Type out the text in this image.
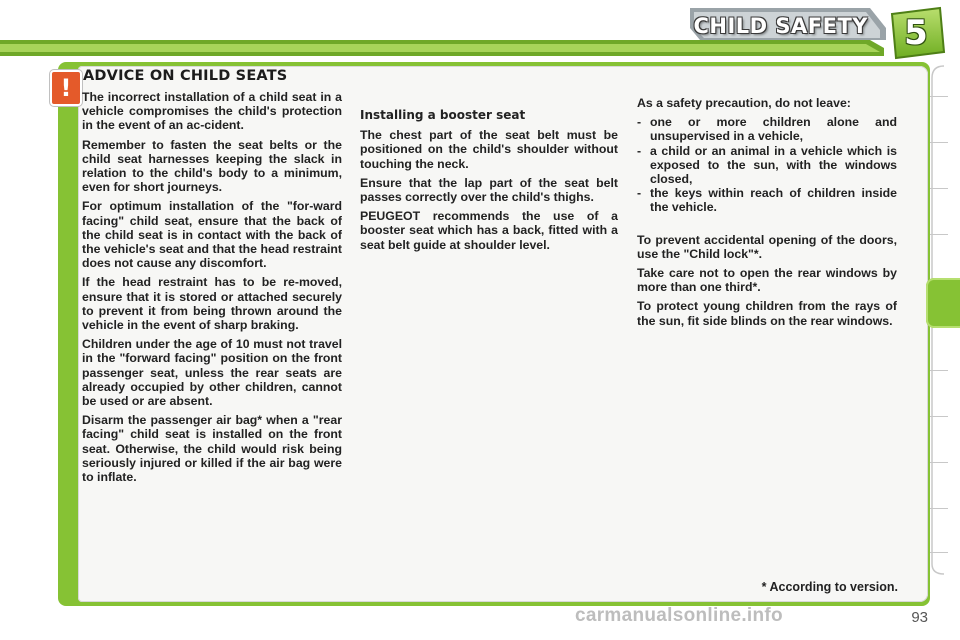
CHILD SAFETY 5
! ADVICE ON CHILD SEATS

The incorrect installation of a child seat in a vehicle compromises the child's protection in the event of an ac-cident.

Remember to fasten the seat belts or the child seat harnesses keeping the slack in relation to the child's body to a minimum, even for short journeys.

For optimum installation of the "for-ward facing" child seat, ensure that the back of the child seat is in contact with the back of the vehicle's seat and that the head restraint does not cause any discomfort.

If the head restraint has to be re-moved, ensure that it is stored or attached securely to prevent it from being thrown around the vehicle in the event of sharp braking.

Children under the age of 10 must not travel in the "forward facing" position on the front passenger seat, unless the rear seats are already occupied by other children, cannot be used or are absent.

Disarm the passenger air bag* when a "rear facing" child seat is installed on the front seat. Otherwise, the child would risk being seriously injured or killed if the air bag were to inflate.

Installing a booster seat

The chest part of the seat belt must be positioned on the child's shoulder without touching the neck.

Ensure that the lap part of the seat belt passes correctly over the child's thighs.

PEUGEOT recommends the use of a booster seat which has a back, fitted with a seat belt guide at shoulder level.

As a safety precaution, do not leave:

- one or more children alone and unsupervised in a vehicle,
- a child or an animal in a vehicle which is exposed to the sun, with the windows closed,
- the keys within reach of children inside the vehicle.

To prevent accidental opening of the doors, use the "Child lock"*.

Take care not to open the rear windows by more than one third*.

To protect young children from the rays of the sun, fit side blinds on the rear windows.

* According to version.
93
carmanualsonline.info
